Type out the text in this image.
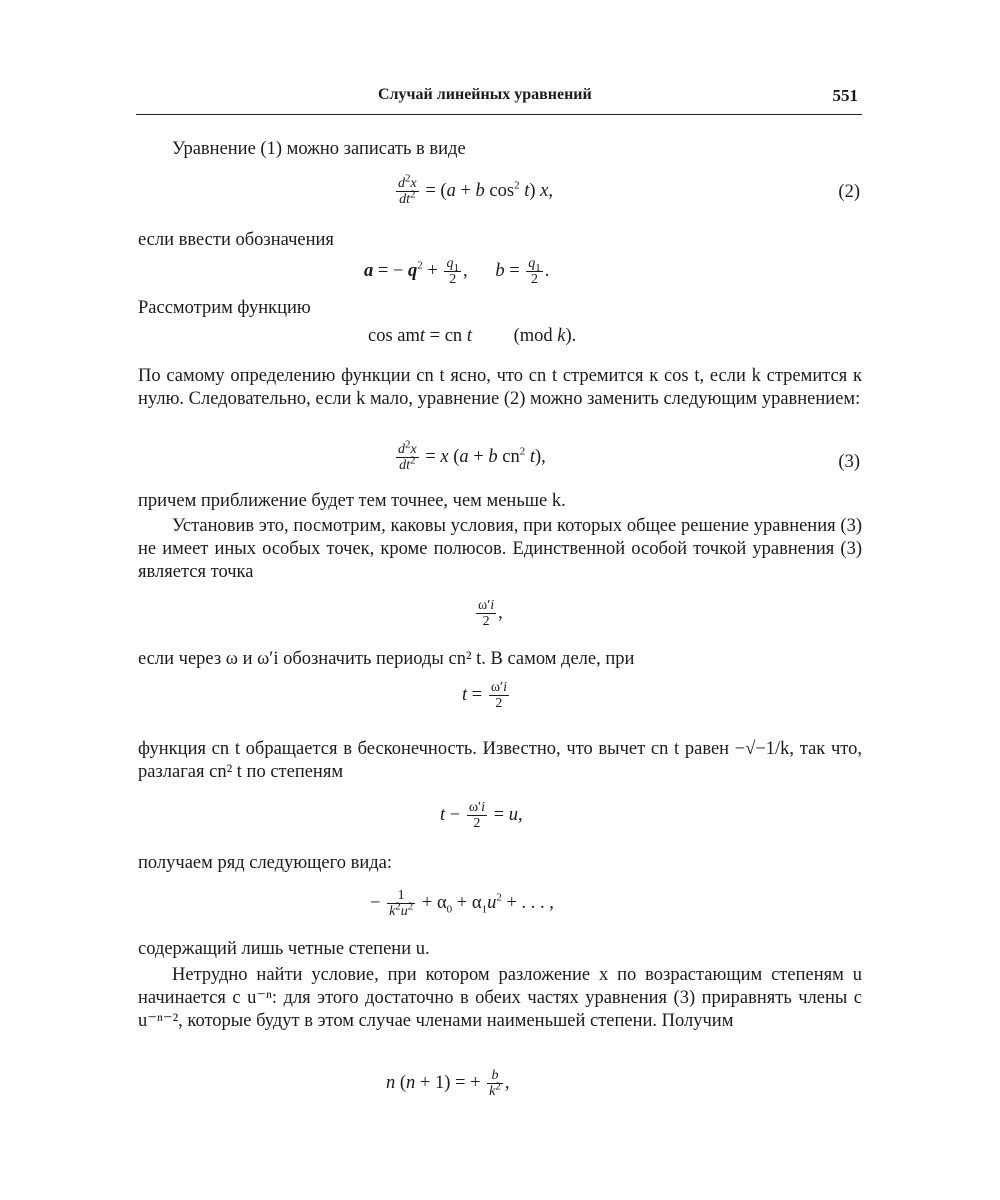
Случай линейных уравнений	551
Уравнение (1) можно записать в виде
$\frac{d^2x}{dt^2} = (a + b$ $\cos^2 t$) x,	(2)
если ввести обозначения
a = − $q^2 + \frac{q_1}{2}$ ,      $b = \frac{q_1}{2}$ .
Рассмотрим функцию
cos amt = cn t         (mod k).
По самому определению функции cn t ясно, что cn t стремится к cos t, если k стремится к нулю. Следовательно, если k мало, уравнение (2) можно заменить следующим уравнением:
$\frac{d^2x}{dt^2} = x$ (a + b $cn^2$ t),	(3)
причем приближение будет тем точнее, чем меньше k.
Установив это, посмотрим, каковы условия, при которых общее решение уравнения (3) не имеет иных особых точек, кроме полюсов. Единственной особой точкой уравнения (3) является точка
$\frac{\omega'i}{2}$ ,
если через ω и ω′i обозначить периоды cn² t. В самом деле, при
$t = \frac{\omega'i}{2}$
функция cn t обращается в бесконечность. Известно, что вычет cn t равен −√−1/k, так что, разлагая cn² t по степеням
$t - \frac{\omega'i}{2} = u$,
получаем ряд следующего вида:
− $\frac{1}{k^2u^2} + \alpha_0 + \alpha_1u^2$ + . . . ,
содержащий лишь четные степени u.
Нетрудно найти условие, при котором разложение x по возрастающим степеням u начинается с u⁻ⁿ: для этого достаточно в обеих частях уравнения (3) приравнять члены с u⁻ⁿ⁻², которые будут в этом случае членами наименьшей степени. Получим
n (n + 1) = + $\frac{b}{k^2}$ ,
